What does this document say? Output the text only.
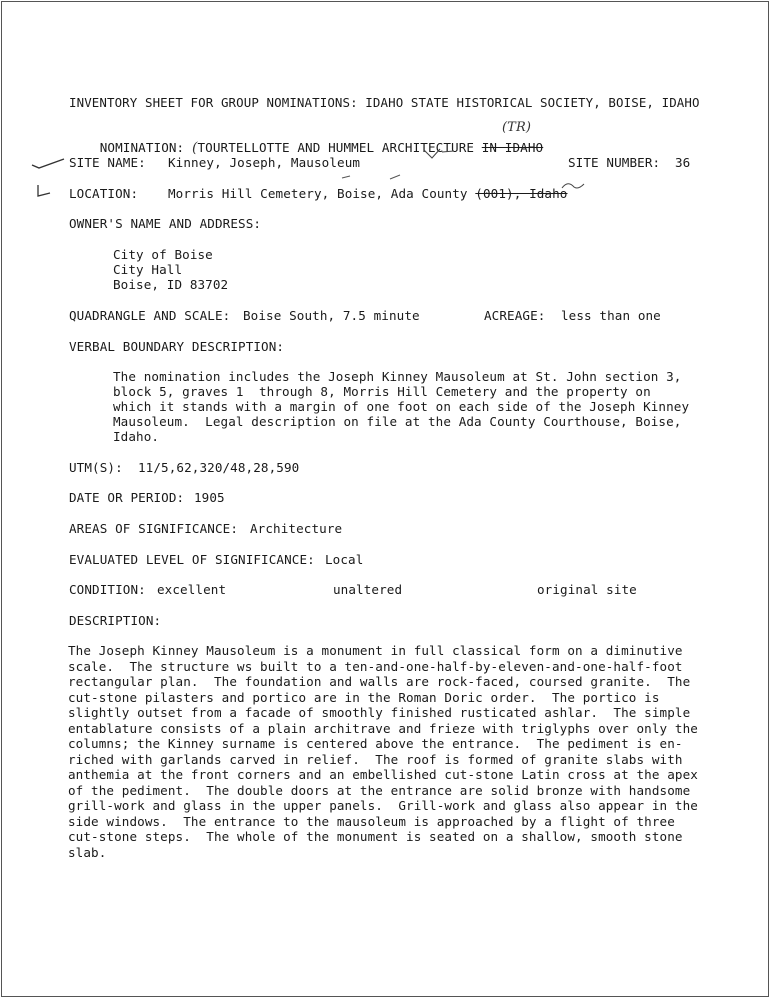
INVENTORY SHEET FOR GROUP NOMINATIONS: IDAHO STATE HISTORICAL SOCIETY, BOISE, IDAHO

NOMINATION: (TOURTELLOTTE AND HUMMEL ARCHITECTURE IN IDAHO

(TR)
SITE NAME: Kinney, Joseph, Mausoleum	SITE NUMBER: 36
LOCATION: Morris Hill Cemetery, Boise, Ada County (001), Idaho
OWNER'S NAME AND ADDRESS:
City of Boise
City Hall
Boise, ID 83702
QUADRANGLE AND SCALE: Boise South, 7.5 minute	ACREAGE: less than one
VERBAL BOUNDARY DESCRIPTION:
The nomination includes the Joseph Kinney Mausoleum at St. John section 3,
block 5, graves 1  through 8, Morris Hill Cemetery and the property on
which it stands with a margin of one foot on each side of the Joseph Kinney
Mausoleum.  Legal description on file at the Ada County Courthouse, Boise,
Idaho.
UTM(S): 11/5,62,320/48,28,590
DATE OR PERIOD: 1905
AREAS OF SIGNIFICANCE: Architecture
EVALUATED LEVEL OF SIGNIFICANCE: Local
CONDITION: excellent	unaltered	original site
DESCRIPTION:
The Joseph Kinney Mausoleum is a monument in full classical form on a diminutive
scale.  The structure ws built to a ten-and-one-half-by-eleven-and-one-half-foot
rectangular plan.  The foundation and walls are rock-faced, coursed granite.  The
cut-stone pilasters and portico are in the Roman Doric order.  The portico is
slightly outset from a facade of smoothly finished rusticated ashlar.  The simple
entablature consists of a plain architrave and frieze with triglyphs over only the
columns; the Kinney surname is centered above the entrance.  The pediment is en-
riched with garlands carved in relief.  The roof is formed of granite slabs with
anthemia at the front corners and an embellished cut-stone Latin cross at the apex
of the pediment.  The double doors at the entrance are solid bronze with handsome
grill-work and glass in the upper panels.  Grill-work and glass also appear in the
side windows.  The entrance to the mausoleum is approached by a flight of three
cut-stone steps.  The whole of the monument is seated on a shallow, smooth stone
slab.
